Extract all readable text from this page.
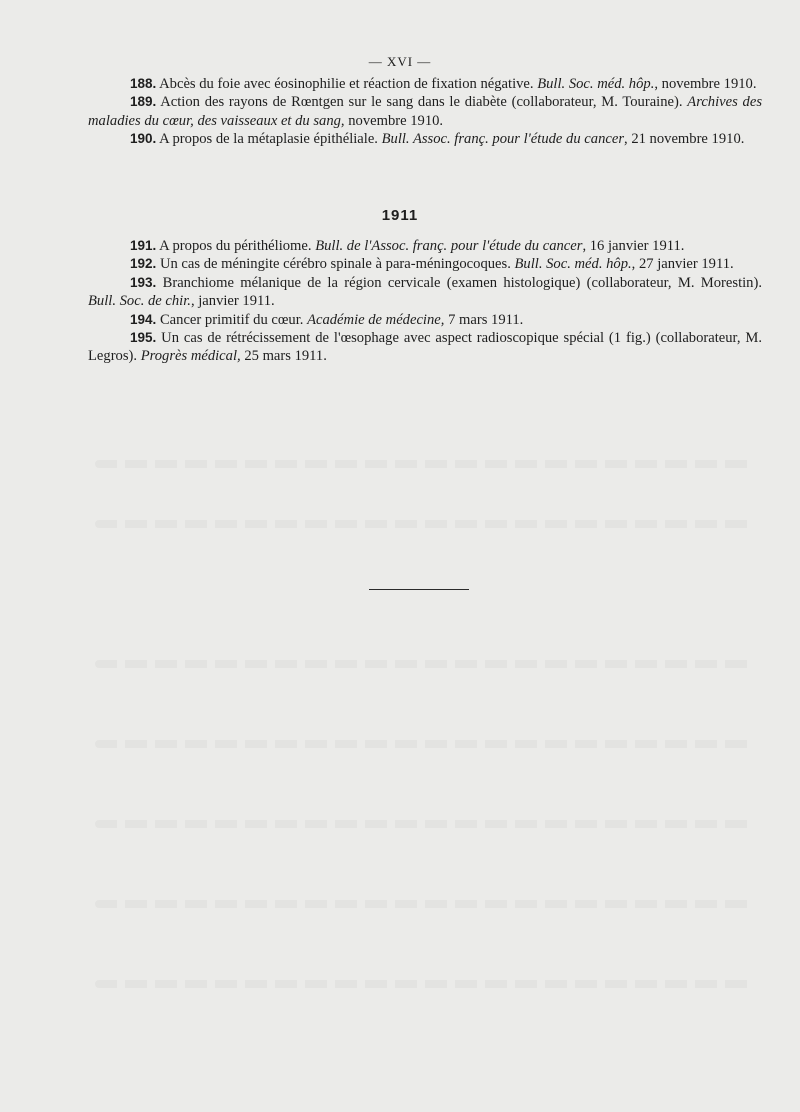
— XVI —

188. Abcès du foie avec éosinophilie et réaction de fixation négative. Bull. Soc. méd. hôp., novembre 1910.

189. Action des rayons de Rœntgen sur le sang dans le diabète (collaborateur, M. Touraine). Archives des maladies du cœur, des vaisseaux et du sang, novembre 1910.

190. A propos de la métaplasie épithéliale. Bull. Assoc. franç. pour l'étude du cancer, 21 novembre 1910.

1911

191. A propos du périthéliome. Bull. de l'Assoc. franç. pour l'étude du cancer, 16 janvier 1911.

192. Un cas de méningite cérébro spinale à para-méningocoques. Bull. Soc. méd. hôp., 27 janvier 1911.

193. Branchiome mélanique de la région cervicale (examen histologique) (collaborateur, M. Morestin). Bull. Soc. de chir., janvier 1911.

194. Cancer primitif du cœur. Académie de médecine, 7 mars 1911.

195. Un cas de rétrécissement de l'œsophage avec aspect radioscopique spécial (1 fig.) (collaborateur, M. Legros). Progrès médical, 25 mars 1911.
